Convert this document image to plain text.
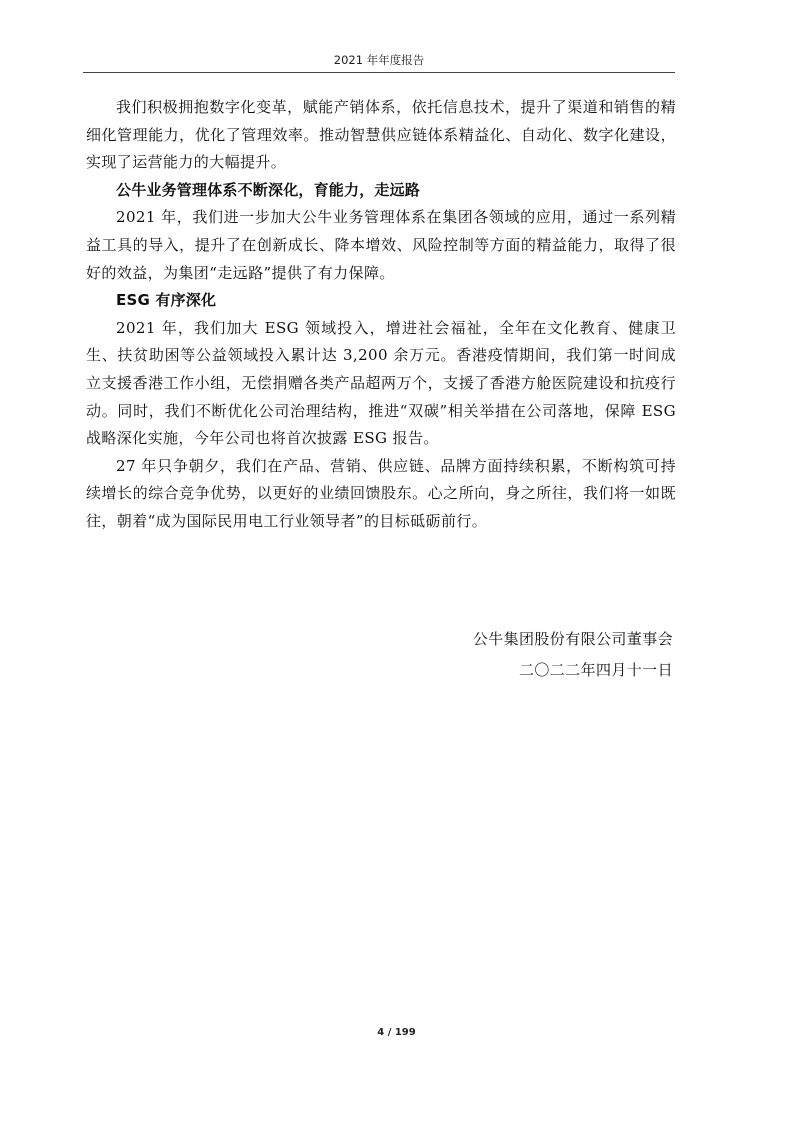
2021 年年度报告

我们积极拥抱数字化变革，赋能产销体系，依托信息技术，提升了渠道和销售的精细化管理能力，优化了管理效率。推动智慧供应链体系精益化、自动化、数字化建设，实现了运营能力的大幅提升。

公牛业务管理体系不断深化，育能力，走远路

2021 年，我们进一步加大公牛业务管理体系在集团各领域的应用，通过一系列精益工具的导入，提升了在创新成长、降本增效、风险控制等方面的精益能力，取得了很好的效益，为集团“走远路”提供了有力保障。

ESG 有序深化

2021 年，我们加大 ESG 领域投入，增进社会福祉，全年在文化教育、健康卫生、扶贫助困等公益领域投入累计达 3,200 余万元。香港疫情期间，我们第一时间成立支援香港工作小组，无偿捐赠各类产品超两万个，支援了香港方舱医院建设和抗疫行动。同时，我们不断优化公司治理结构，推进“双碳”相关举措在公司落地，保障 ESG 战略深化实施，今年公司也将首次披露 ESG 报告。

27 年只争朝夕，我们在产品、营销、供应链、品牌方面持续积累，不断构筑可持续增长的综合竞争优势，以更好的业绩回馈股东。心之所向，身之所往，我们将一如既往，朝着“成为国际民用电工行业领导者”的目标砥砺前行。

公牛集团股份有限公司董事会
二〇二二年四月十一日
4 / 199
